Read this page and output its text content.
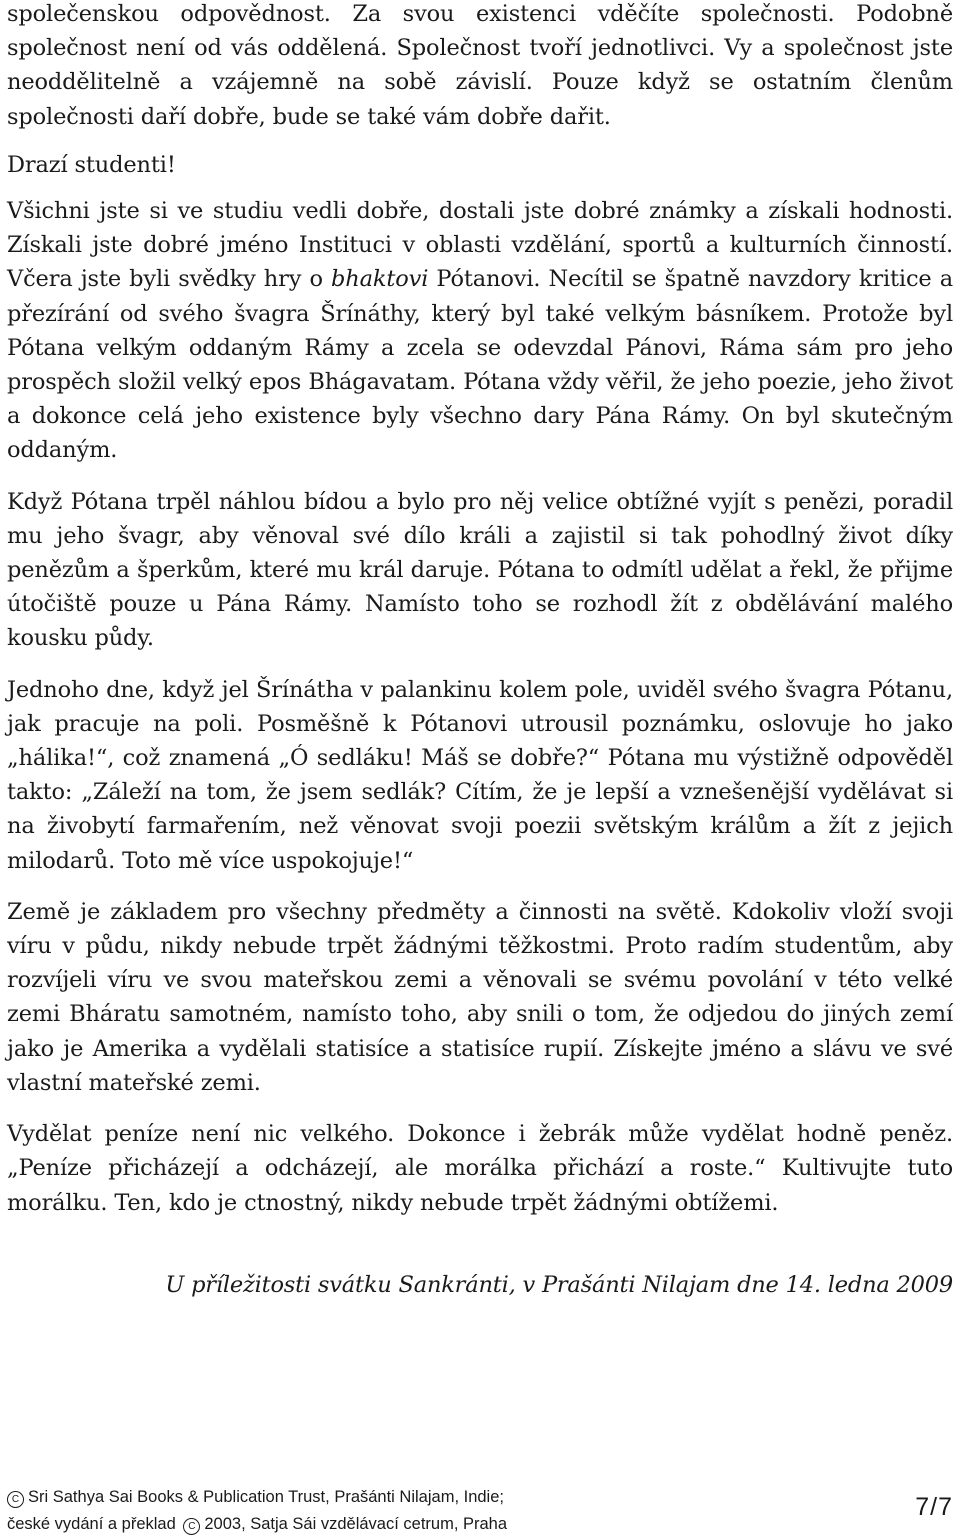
společenskou odpovědnost. Za svou existenci vděčíte společnosti. Podobně společnost není od vás oddělená. Společnost tvoří jednotlivci. Vy a společnost jste neoddělitelně a vzájemně na sobě závislí. Pouze když se ostatním členům společnosti daří dobře, bude se také vám dobře dařit.

Drazí studenti!

Všichni jste si ve studiu vedli dobře, dostali jste dobré známky a získali hodnosti. Získali jste dobré jméno Instituci v oblasti vzdělání, sportů a kulturních činností. Včera jste byli svědky hry o bhaktovi Pótanovi. Necítil se špatně navzdory kritice a přezírání od svého švagra Šrínáthy, který byl také velkým básníkem. Protože byl Pótana velkým oddaným Rámy a zcela se odevzdal Pánovi, Ráma sám pro jeho prospěch složil velký epos Bhágavatam. Pótana vždy věřil, že jeho poezie, jeho život a dokonce celá jeho existence byly všechno dary Pána Rámy. On byl skutečným oddaným.

Když Pótana trpěl náhlou bídou a bylo pro něj velice obtížné vyjít s penězi, poradil mu jeho švagr, aby věnoval své dílo králi a zajistil si tak pohodlný život díky penězům a šperkům, které mu král daruje. Pótana to odmítl udělat a řekl, že přijme útočiště pouze u Pána Rámy. Namísto toho se rozhodl žít z obdělávání malého kousku půdy.

Jednoho dne, když jel Šrínátha v palankinu kolem pole, uviděl svého švagra Pótanu, jak pracuje na poli. Posměšně k Pótanovi utrousil poznámku, oslovuje ho jako „hálika!“, což znamená „Ó sedláku! Máš se dobře?“ Pótana mu výstižně odpověděl takto: „Záleží na tom, že jsem sedlák? Cítím, že je lepší a vznešenější vydělávat si na živobytí farmařením, než věnovat svoji poezii světským králům a žít z jejich milodarů. Toto mě více uspokojuje!“

Země je základem pro všechny předměty a činnosti na světě. Kdokoliv vloží svoji víru v půdu, nikdy nebude trpět žádnými těžkostmi. Proto radím studentům, aby rozvíjeli víru ve svou mateřskou zemi a věnovali se svému povolání v této velké zemi Bháratu samotném, namísto toho, aby snili o tom, že odjedou do jiných zemí jako je Amerika a vydělali statisíce a statisíce rupií. Získejte jméno a slávu ve své vlastní mateřské zemi.

Vydělat peníze není nic velkého. Dokonce i žebrák může vydělat hodně peněz. „Peníze přicházejí a odcházejí, ale morálka přichází a roste.“ Kultivujte tuto morálku. Ten, kdo je ctnostný, nikdy nebude trpět žádnými obtížemi.

U příležitosti svátku Sankránti, v Prašánti Nilajam dne 14. ledna 2009
C Sri Sathya Sai Books & Publication Trust, Prašánti Nilajam, Indie;
české vydání a překlad C 2003, Satja Sái vzdělávací cetrum, Praha
7/7
